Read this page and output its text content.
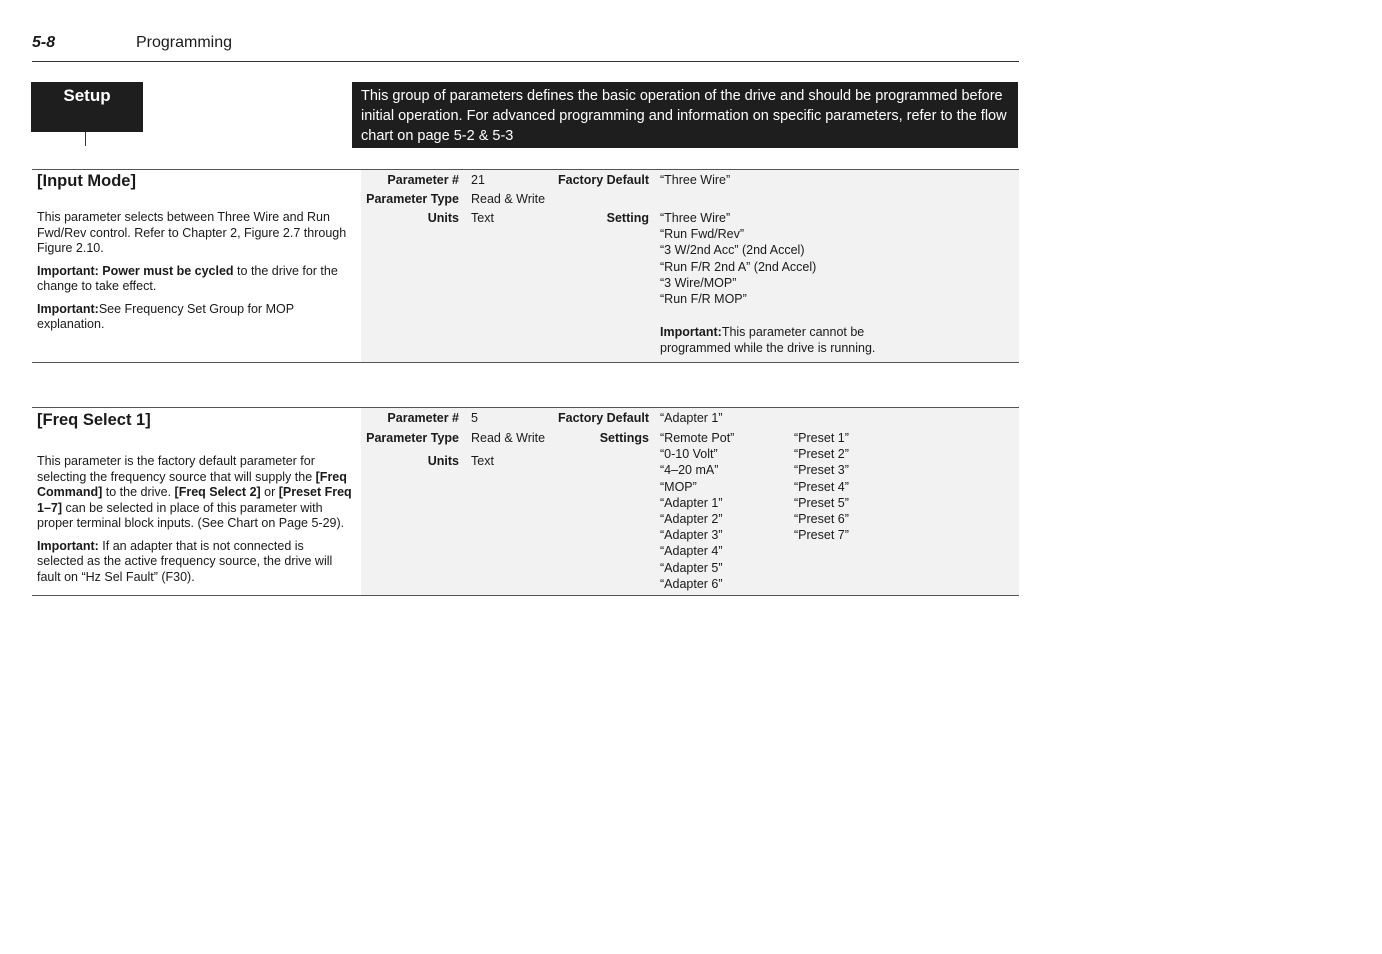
5-8	Programming
Setup	This group of parameters defines the basic operation of the drive and should be programmed before initial operation. For advanced programming and information on specific parameters, refer to the flow chart on page 5-2 & 5-3
[Input Mode]

This parameter selects between Three Wire and Run Fwd/Rev control. Refer to Chapter 2, Figure 2.7 through Figure 2.10.

Important: Power must be cycled to the drive for the change to take effect.

Important:See Frequency Set Group for MOP explanation.

Parameter # 21
Parameter Type Read & Write
Units Text
Factory Default “Three Wire”
Setting “Three Wire”
“Run Fwd/Rev”
“3 W/2nd Acc” (2nd Accel)
“Run F/R 2nd A” (2nd Accel)
“3 Wire/MOP”
“Run F/R MOP”
Important:This parameter cannot be
programmed while the drive is running.
[Freq Select 1]

This parameter is the factory default parameter for selecting the frequency source that will supply the [Freq Command] to the drive. [Freq Select 2] or [Preset Freq 1–7] can be selected in place of this parameter with proper terminal block inputs. (See Chart on Page 5-29).

Important: If an adapter that is not connected is selected as the active frequency source, the drive will fault on “Hz Sel Fault” (F30).

Parameter # 5
Parameter Type Read & Write
Units Text
Factory Default “Adapter 1”
Settings “Remote Pot”
“0-10 Volt”
“4–20 mA”
“MOP”
“Adapter 1”
“Adapter 2”
“Adapter 3”
“Adapter 4”
“Adapter 5”
“Adapter 6”
“Preset 1”
“Preset 2”
“Preset 3”
“Preset 4”
“Preset 5”
“Preset 6”
“Preset 7”
